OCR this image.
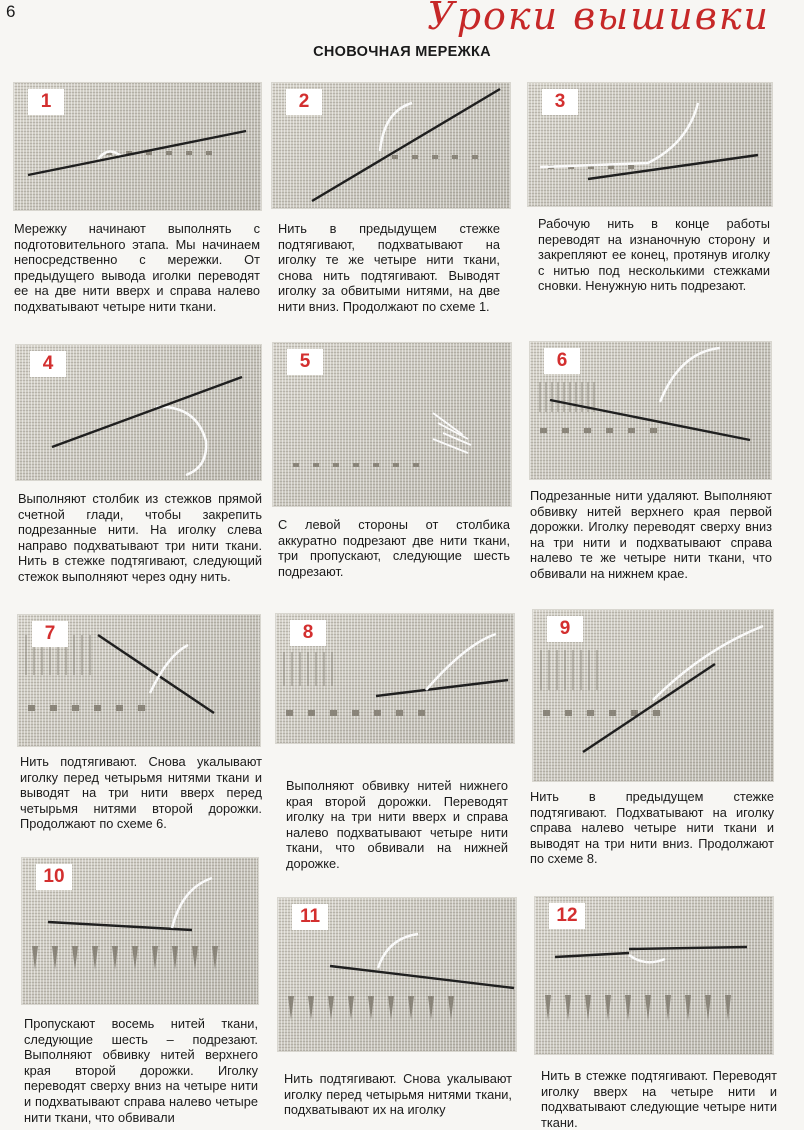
6	Уроки вышивки
СНОВОЧНАЯ МЕРЕЖКА
1	2	3
Мережку начинают выполнять с подготовительного этапа. Мы начинаем непосредственно с мережки. От предыдущего вывода иголки переводят ее на две нити вверх и справа налево подхватывают четыре нити ткани.
Нить в предыдущем стежке подтягивают, подхватывают на иголку те же четыре нити ткани, снова нить подтягивают. Выводят иголку за обвитыми нитями, на две нити вниз. Продолжают по схеме 1.
Рабочую нить в конце работы переводят на изнаночную сторону и закрепляют ее конец, протянув иголку с нитью под несколькими стежками сновки. Ненужную нить подрезают.
4	5	6
Выполняют столбик из стежков прямой счетной глади, чтобы закрепить подрезанные нити. На иголку слева направо подхватывают три нити ткани. Нить в стежке подтягивают, следующий стежок выполняют через одну нить.
С левой стороны от столбика аккуратно подрезают две нити ткани, три пропускают, следующие шесть подрезают.
Подрезанные нити удаляют. Выполняют обвивку нитей верхнего края первой дорожки. Иголку переводят сверху вниз на три нити и подхватывают справа налево те же четыре нити ткани, что обвивали на нижнем крае.
7	8	9
Нить подтягивают. Снова укалывают иголку перед четырьмя нитями ткани и выводят на три нити вверх перед четырьмя нитями второй дорожки. Продолжают по схеме 6.
Выполняют обвивку нитей нижнего края второй дорожки. Переводят иголку на три нити вверх и справа налево подхватывают четыре нити ткани, что обвивали на нижней дорожке.
Нить в предыдущем стежке подтягивают. Подхватывают на иголку справа налево четыре нити ткани и выводят на три нити вниз. Продолжают по схеме 8.
10
11	12
Пропускают восемь нитей ткани, следующие шесть – подрезают. Выполняют обвивку нитей верхнего края второй дорожки. Иголку переводят сверху вниз на четыре нити и подхватывают справа налево четыре нити ткани, что обвивали
Нить подтягивают. Снова укалывают иголку перед четырьмя нитями ткани, подхватывают их на иголку
Нить в стежке подтягивают. Переводят иголку вверх на четыре нити и подхватывают следующие четыре нити ткани.
